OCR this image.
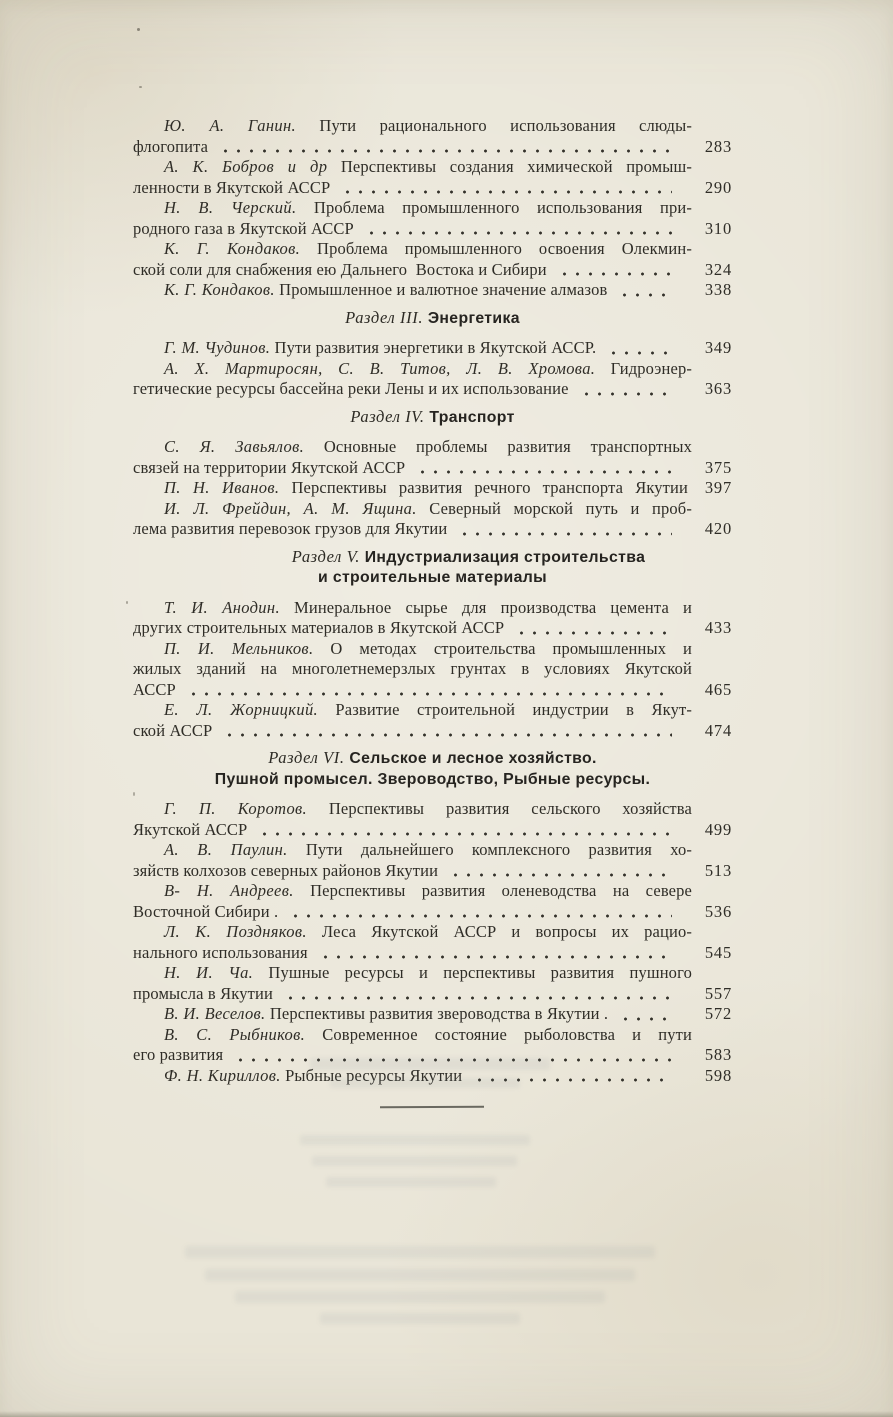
Ю. А. Ганин. Пути рационального использования слюды-
флогопита	283
А. К. Бобров и др Перспективы создания химической промыш-
ленности в Якутской АССР	290
Н. В. Черский. Проблема промышленного использования при-
родного газа в Якутской АССР	310
К. Г. Кондаков. Проблема промышленного освоения Олекмин-
ской соли для снабжения ею Дальнего  Востока и Сибири	324
К. Г. Кондаков. Промышленное и валютное значение алмазов	338
Раздел III. Энергетика
Г. М. Чудинов. Пути развития энергетики в Якутской АССР.	349
А. Х. Мартиросян, С. В. Титов, Л. В. Хромова. Гидроэнер-
гетические ресурсы бассейна реки Лены и их использование	363
Раздел IV. Транспорт
С. Я. Завьялов. Основные проблемы развития транспортных
связей на территории Якутской АССР	375
П. Н. Иванов. Перспективы развития речного транспорта Якутии	397
И. Л. Фрейдин, А. М. Ящина. Северный морской путь и проб-
лема развития перевозок грузов для Якутии	420
Раздел V. Индустриализация строительства
и строительные материалы
Т. И. Анодин. Минеральное сырье для производства цемента и
других строительных материалов в Якутской АССР	433
П. И. Мельников. О методах строительства промышленных и
жилых зданий на многолетнемерзлых грунтах в условиях Якутской
АССР	465
Е. Л. Жорницкий. Развитие строительной индустрии в Якут-
ской АССР	474
Раздел VI. Сельское и лесное хозяйство.
Пушной промысел. Звероводство, Рыбные ресурсы.
Г. П. Коротов. Перспективы развития сельского хозяйства
Якутской АССР	499
А. В. Паулин. Пути дальнейшего комплексного развития хо-
зяйств колхозов северных районов Якутии	513
В- Н. Андреев. Перспективы развития оленеводства на севере
Восточной Сибири .	536
Л. К. Поздняков. Леса Якутской АССР и вопросы их рацио-
нального использования	545
Н. И. Ча. Пушные ресурсы и перспективы развития пушного
промысла в Якутии	557
В. И. Веселов. Перспективы развития звероводства в Якутии .	572
В. С. Рыбников. Современное состояние рыболовства и пути
его развития	583
Ф. Н. Кириллов. Рыбные ресурсы Якутии	598
